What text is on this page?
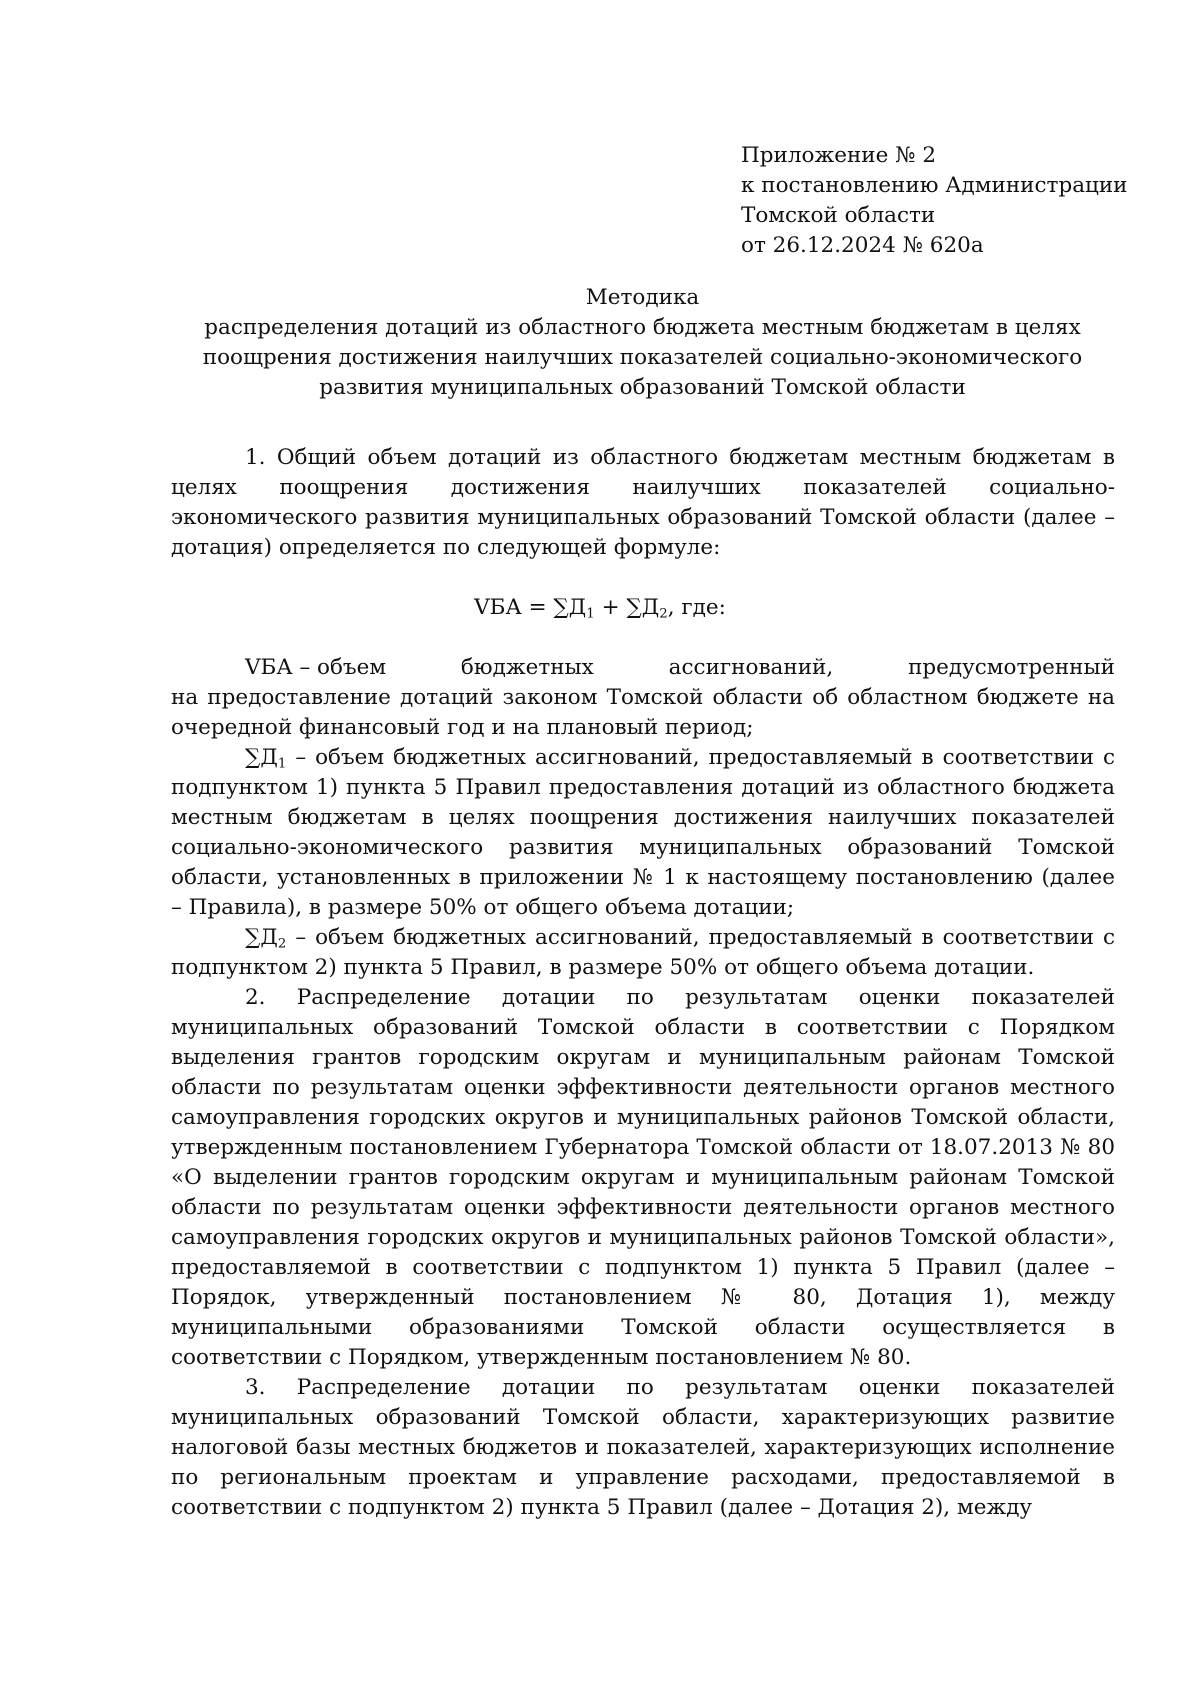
Приложение № 2
к постановлению Администрации
Томской области
от 26.12.2024 № 620а
Методика
распределения дотаций из областного бюджета местным бюджетам в целях
поощрения достижения наилучших показателей социально-экономического
развития муниципальных образований Томской области

1. Общий объем дотаций из областного бюджетам местным бюджетам в целях поощрения достижения наилучших показателей социально-экономического развития муниципальных образований Томской области (далее – дотация) определяется по следующей формуле:

VБА = $\sum Д_1 + \sum Д_2$, где:
VБА – объем	бюджетных	ассигнований,	предусмотренный

на предоставление дотаций законом Томской области об областном бюджете на очередной финансовый год и на плановый период;

$\sum Д_1$ – объем бюджетных ассигнований, предоставляемый в соответствии с подпунктом 1) пункта 5 Правил предоставления дотаций из областного бюджета местным бюджетам в целях поощрения достижения наилучших показателей социально-экономического развития муниципальных образований Томской области, установленных в приложении № 1 к настоящему постановлению (далее – Правила), в размере 50% от общего объема дотации;

$\sum Д_2$ – объем бюджетных ассигнований, предоставляемый в соответствии с подпунктом 2) пункта 5 Правил, в размере 50% от общего объема дотации.

2. Распределение дотации по результатам оценки показателей муниципальных образований Томской области в соответствии с Порядком выделения грантов городским округам и муниципальным районам Томской области по результатам оценки эффективности деятельности органов местного самоуправления городских округов и муниципальных районов Томской области, утвержденным постановлением Губернатора Томской области от 18.07.2013 № 80 «О выделении грантов городским округам и муниципальным районам Томской области по результатам оценки эффективности деятельности органов местного самоуправления городских округов и муниципальных районов Томской области», предоставляемой в соответствии с подпунктом 1) пункта 5 Правил (далее – Порядок, утвержденный постановлением № 80, Дотация 1), между муниципальными образованиями Томской области осуществляется в соответствии с Порядком, утвержденным постановлением № 80.

3. Распределение дотации по результатам оценки показателей муниципальных образований Томской области, характеризующих развитие налоговой базы местных бюджетов и показателей, характеризующих исполнение по региональным проектам и управление расходами, предоставляемой в соответствии с подпунктом 2) пункта 5 Правил (далее – Дотация 2), между
